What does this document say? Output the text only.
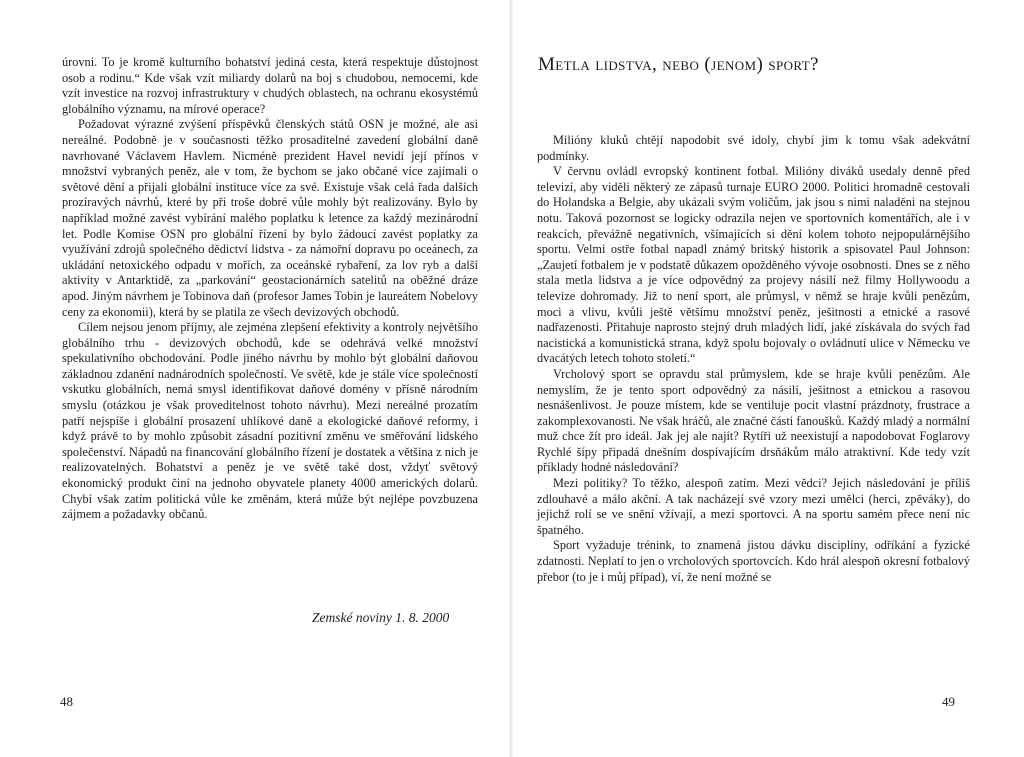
úrovni. To je kromě kulturního bohatství jediná cesta, která respektuje důstojnost osob a rodinu.“ Kde však vzít miliardy dolarů na boj s chudobou, nemocemi, kde vzít investice na rozvoj infrastruktury v chudých oblastech, na ochranu ekosystémů globálního významu, na mírové operace?

Požadovat výrazné zvýšení příspěvků členských států OSN je možné, ale asi nereálné. Podobně je v současnosti těžko prosaditelné zavedení globální daně navrhované Václavem Havlem. Nicméně prezident Havel nevidí její přínos v množství vybraných peněz, ale v tom, že bychom se jako občané více zajímali o světové dění a přijali globální instituce více za své. Existuje však celá řada dalších prozíravých návrhů, které by při troše dobré vůle mohly být realizovány. Bylo by například možné zavést vybírání malého poplatku k letence za každý mezinárodní let. Podle Komise OSN pro globální řízení by bylo žádoucí zavést poplatky za využívání zdrojů společného dědictví lidstva - za námořní dopravu po oceánech, za ukládání netoxického odpadu v mořích, za oceánské rybaření, za lov ryb a další aktivity v Antarktidě, za „parkování“ geostacionárních satelitů na oběžné dráze apod. Jiným návrhem je Tobinova daň (profesor James Tobin je laureátem Nobelovy ceny za ekonomii), která by se platila ze všech devizových obchodů.

Cílem nejsou jenom příjmy, ale zejména zlepšení efektivity a kontroly největšího globálního trhu - devizových obchodů, kde se odehrává velké množství spekulativního obchodování. Podle jiného návrhu by mohlo být globální daňovou základnou zdanění nadnárodních společností. Ve světě, kde je stále více společností vskutku globálních, nemá smysl identifikovat daňové domény v přísně národním smyslu (otázkou je však proveditelnost tohoto návrhu). Mezi nereálné prozatím patří nejspíše i globální prosazení uhlíkové daně a ekologické daňové reformy, i když právě to by mohlo způsobit zásadní pozitivní změnu ve směřování lidského společenství. Nápadů na financování globálního řízení je dostatek a většina z nich je realizovatelných. Bohatství a peněz je ve světě také dost, vždyť světový ekonomický produkt činí na jednoho obyvatele planety 4000 amerických dolarů. Chybí však zatím politická vůle ke změnám, která může být nejlépe povzbuzena zájmem a požadavky občanů.

Zemské noviny 1. 8. 2000
48
Metla lidstva, nebo (jenom) sport?

Milióny kluků chtějí napodobit své idoly, chybí jim k tomu však adekvátní podmínky.

V červnu ovládl evropský kontinent fotbal. Milióny diváků usedaly denně před televizí, aby viděli některý ze zápasů turnaje EURO 2000. Politici hromadně cestovali do Holandska a Belgie, aby ukázali svým voličům, jak jsou s nimi naladěni na stejnou notu. Taková pozornost se logicky odrazila nejen ve sportovních komentářích, ale i v reakcích, převážně negativních, všímajících si dění kolem tohoto nejpopulárnějšího sportu. Velmi ostře fotbal napadl známý britský historik a spisovatel Paul Johnson: „Zaujetí fotbalem je v podstatě důkazem opožděného vývoje osobnosti. Dnes se z něho stala metla lidstva a je více odpovědný za projevy násilí než filmy Hollywoodu a televize dohromady. Již to není sport, ale průmysl, v němž se hraje kvůli penězům, moci a vlivu, kvůli ještě většímu množství peněz, ješitnosti a etnické a rasové nadřazenosti. Přitahuje naprosto stejný druh mladých lidí, jaké získávala do svých řad nacistická a komunistická strana, když spolu bojovaly o ovládnutí ulice v Německu ve dvacátých letech tohoto století.“

Vrcholový sport se opravdu stal průmyslem, kde se hraje kvůli penězům. Ale nemyslím, že je tento sport odpovědný za násilí, ješitnost a etnickou a rasovou nesnášenlivost. Je pouze místem, kde se ventiluje pocit vlastní prázdnoty, frustrace a zakomplexovanosti. Ne však hráčů, ale značné části fanoušků. Každý mladý a normální muž chce žít pro ideál. Jak jej ale najít? Rytíři už neexistují a napodobovat Foglarovy Rychlé šípy připadá dnešním dospívajícím drsňákům málo atraktivní. Kde tedy vzít příklady hodné následování?

Mezi politiky? To těžko, alespoň zatím. Mezi vědci? Jejich následování je příliš zdlouhavé a málo akční. A tak nacházejí své vzory mezi umělci (herci, zpěváky), do jejichž rolí se ve snění vžívají, a mezi sportovci. A na sportu samém přece není nic špatného.

Sport vyžaduje trénink, to znamená jistou dávku disciplíny, odříkání a fyzické zdatnosti. Neplatí to jen o vrcholových sportovcích. Kdo hrál alespoň okresní fotbalový přebor (to je i můj případ), ví, že není možné se

49
